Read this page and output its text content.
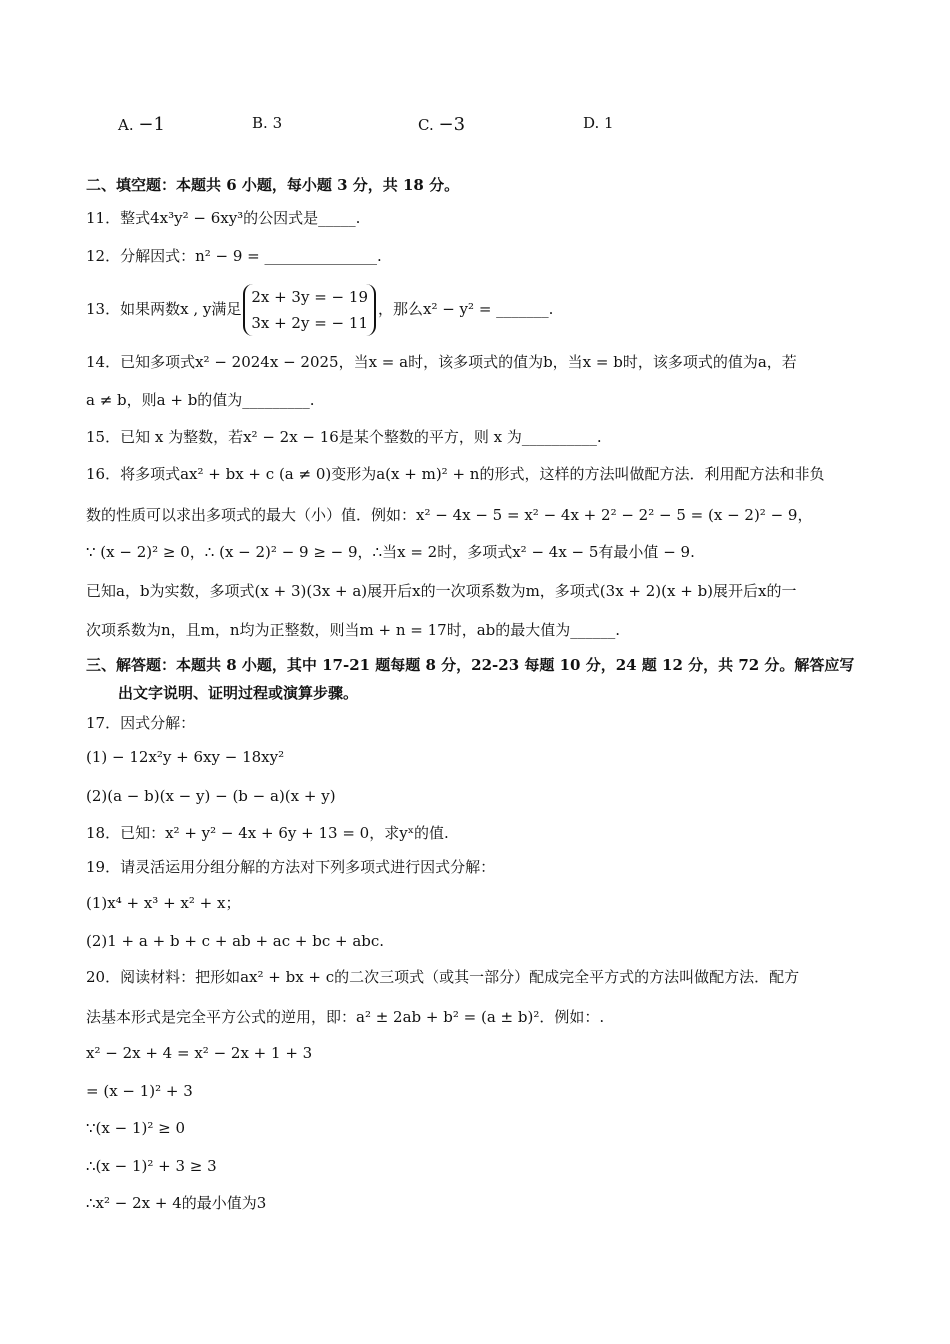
A. −1	B. 3	C. −3	D. 1
二、填空题：本题共 6 小题，每小题 3 分，共 18 分。
11．整式4x³y² − 6xy³的公因式是_____.
12．分解因式：n² − 9 = _______________.
13．如果两数x , y满足
2x + 3y = − 19
3x + 2y = − 11
，那么x² − y² = _______.
14．已知多项式x² − 2024x − 2025，当x = a时，该多项式的值为b，当x = b时，该多项式的值为a，若
a ≠ b，则a + b的值为_________.
15．已知 x 为整数，若x² − 2x − 16是某个整数的平方，则 x 为__________.
16．将多项式ax² + bx + c (a ≠ 0)变形为a(x + m)² + n的形式，这样的方法叫做配方法．利用配方法和非负
数的性质可以求出多项式的最大（小）值．例如：x² − 4x − 5 = x² − 4x + 2² − 2² − 5 = (x − 2)² − 9，
∵ (x − 2)² ≥ 0，∴ (x − 2)² − 9 ≥ − 9，∴当x = 2时，多项式x² − 4x − 5有最小值 − 9.
已知a，b为实数，多项式(x + 3)(3x + a)展开后x的一次项系数为m，多项式(3x + 2)(x + b)展开后x的一
次项系数为n，且m，n均为正整数，则当m + n = 17时，ab的最大值为______.
三、解答题：本题共 8 小题，其中 17-21 题每题 8 分，22-23 每题 10 分，24 题 12 分，共 72 分。解答应写
出文字说明、证明过程或演算步骤。
17．因式分解：
(1) − 12x²y + 6xy − 18xy²
(2)(a − b)(x − y) − (b − a)(x + y)
18．已知：x² + y² − 4x + 6y + 13 = 0，求yˣ的值.
19．请灵活运用分组分解的方法对下列多项式进行因式分解：
(1)x⁴ + x³ + x² + x；
(2)1 + a + b + c + ab + ac + bc + abc.
20．阅读材料：把形如ax² + bx + c的二次三项式（或其一部分）配成完全平方式的方法叫做配方法．配方
法基本形式是完全平方公式的逆用，即：a² ± 2ab + b² = (a ± b)²．例如：.
x² − 2x + 4 = x² − 2x + 1 + 3
= (x − 1)² + 3
∵(x − 1)² ≥ 0
∴(x − 1)² + 3 ≥ 3
∴x² − 2x + 4的最小值为3
